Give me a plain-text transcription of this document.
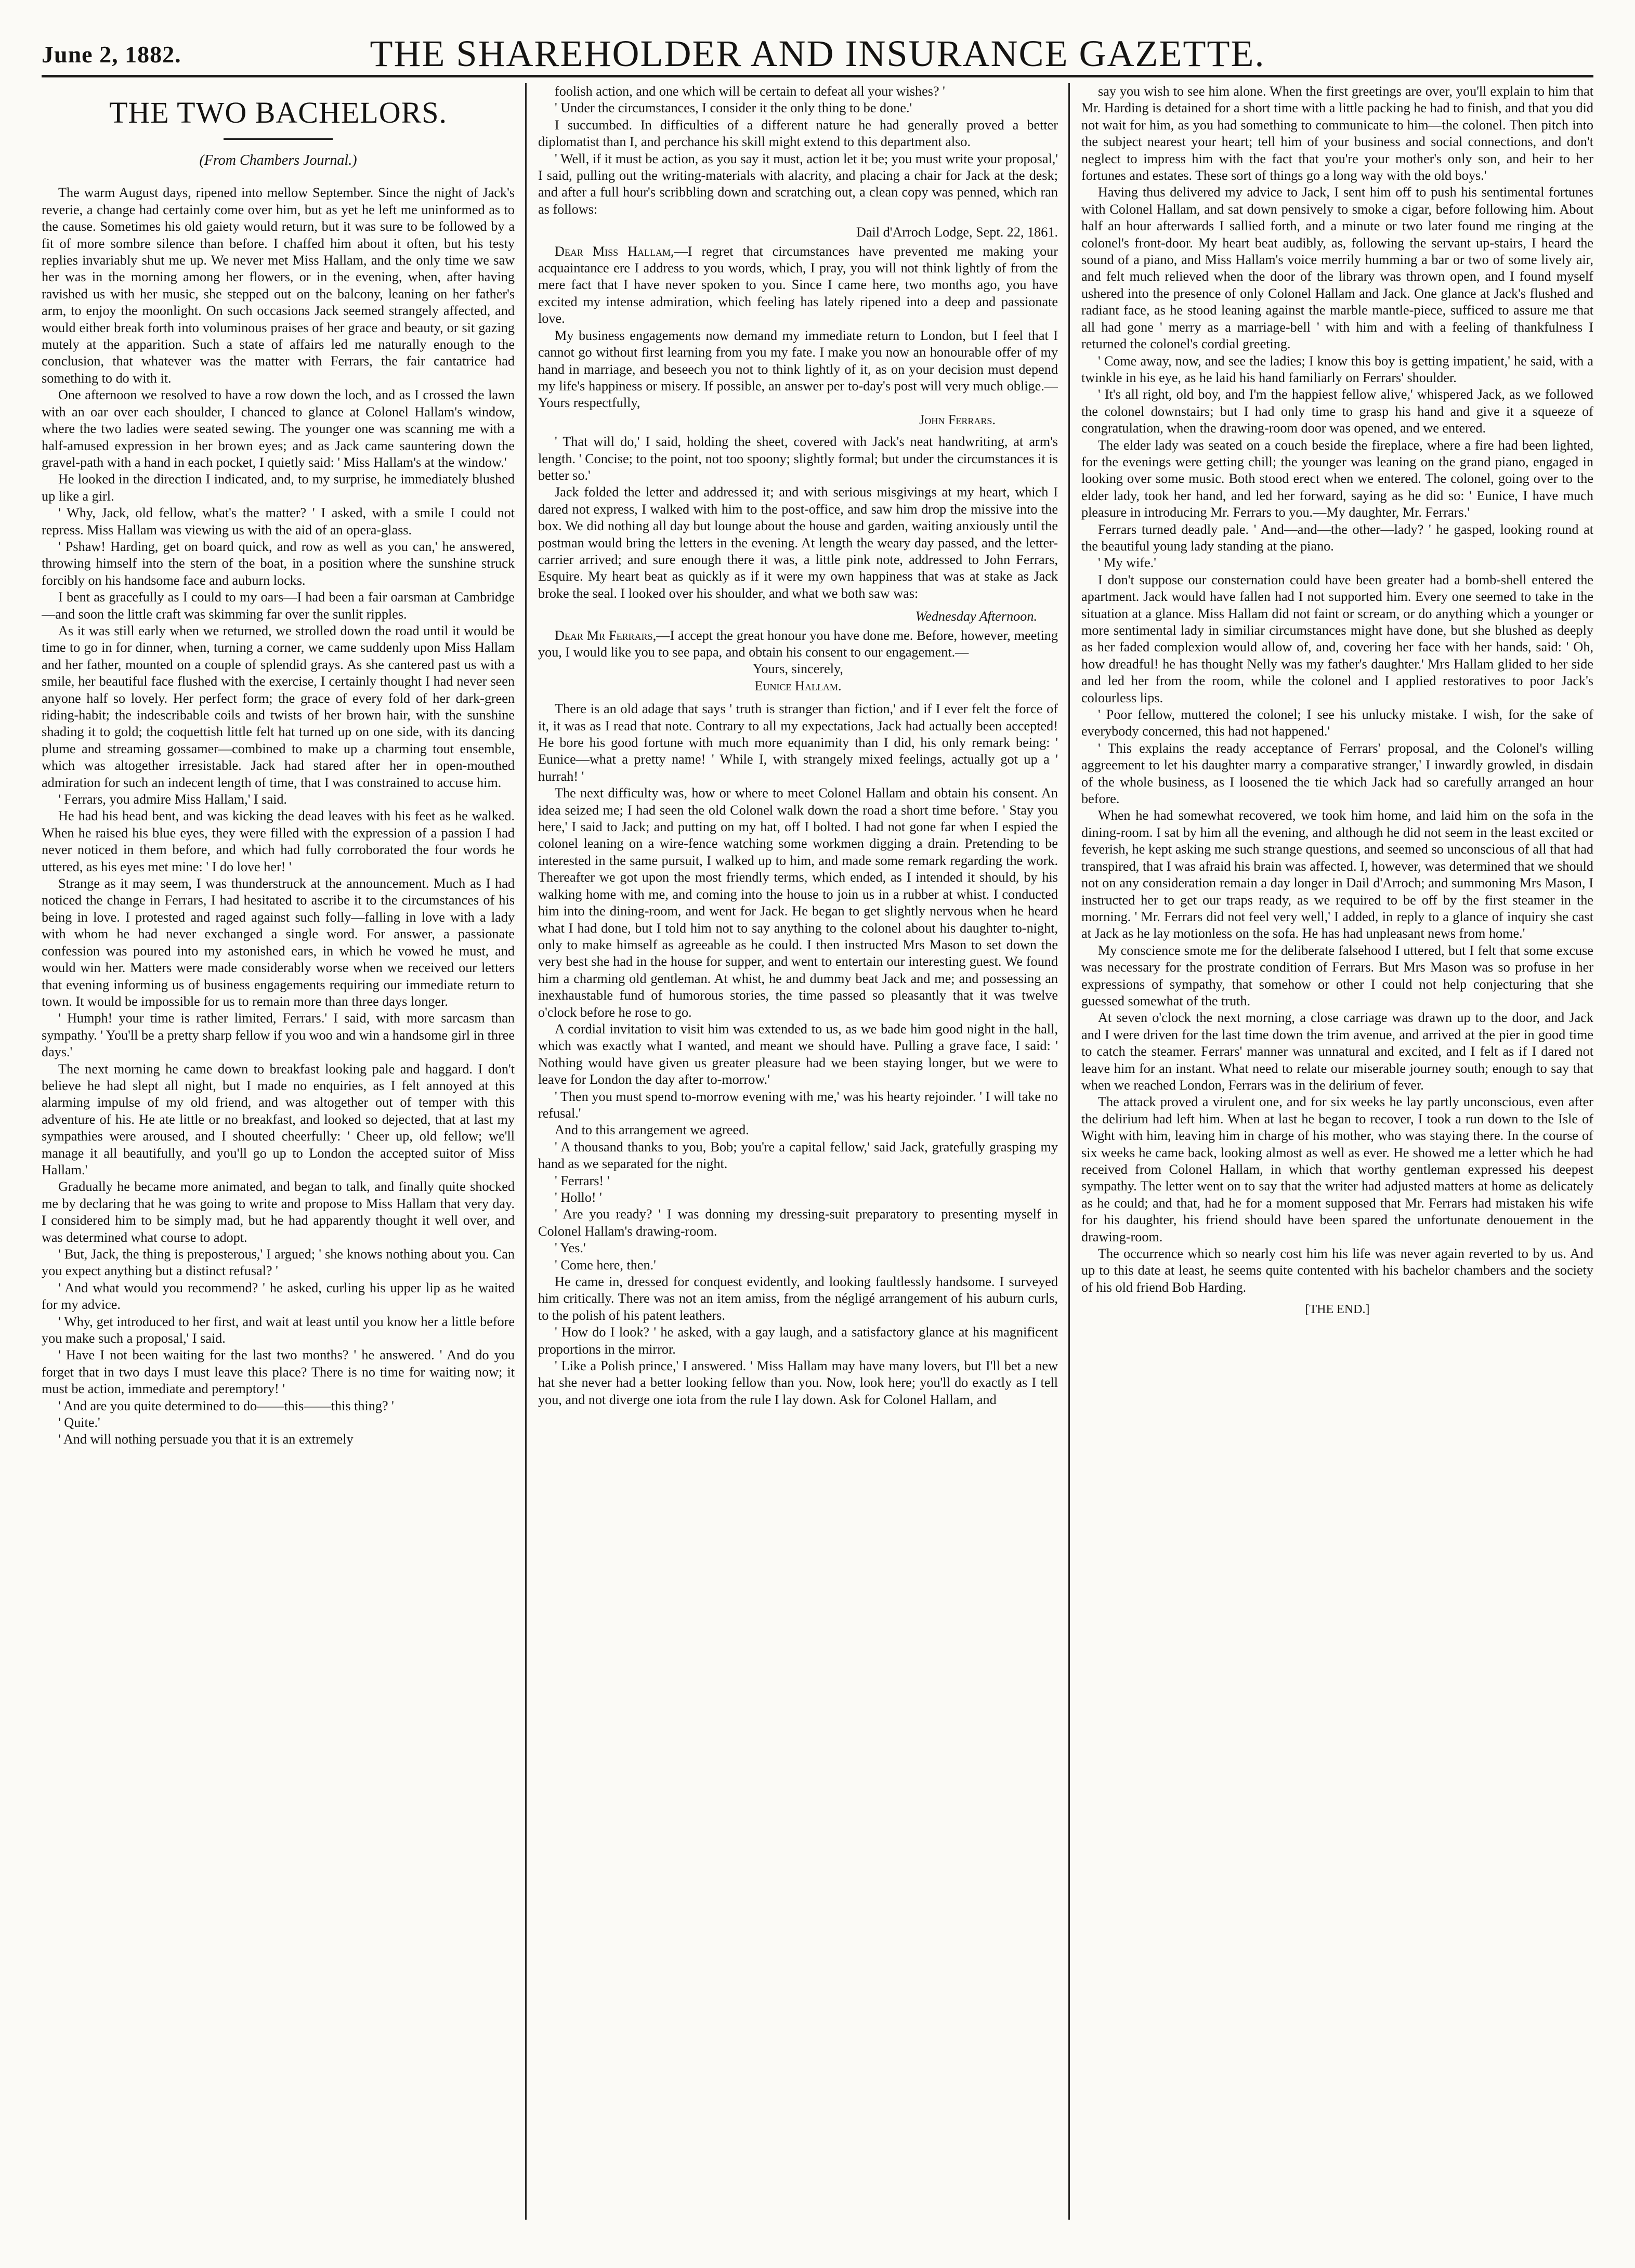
June 2, 1882.	THE SHAREHOLDER AND INSURANCE GAZETTE.
THE TWO BACHELORS.

(From Chambers Journal.)

The warm August days, ripened into mellow September. Since the night of Jack's reverie, a change had certainly come over him, but as yet he left me uninformed as to the cause. Sometimes his old gaiety would return, but it was sure to be followed by a fit of more sombre silence than before. I chaffed him about it often, but his testy replies invariably shut me up. We never met Miss Hallam, and the only time we saw her was in the morning among her flowers, or in the evening, when, after having ravished us with her music, she stepped out on the balcony, leaning on her father's arm, to enjoy the moonlight. On such occasions Jack seemed strangely affected, and would either break forth into voluminous praises of her grace and beauty, or sit gazing mutely at the apparition. Such a state of affairs led me naturally enough to the conclusion, that whatever was the matter with Ferrars, the fair cantatrice had something to do with it.

One afternoon we resolved to have a row down the loch, and as I crossed the lawn with an oar over each shoulder, I chanced to glance at Colonel Hallam's window, where the two ladies were seated sewing. The younger one was scanning me with a half-amused expression in her brown eyes; and as Jack came sauntering down the gravel-path with a hand in each pocket, I quietly said: ' Miss Hallam's at the window.'

He looked in the direction I indicated, and, to my surprise, he immediately blushed up like a girl.

' Why, Jack, old fellow, what's the matter? ' I asked, with a smile I could not repress. Miss Hallam was viewing us with the aid of an opera-glass.

' Pshaw! Harding, get on board quick, and row as well as you can,' he answered, throwing himself into the stern of the boat, in a position where the sunshine struck forcibly on his handsome face and auburn locks.

I bent as gracefully as I could to my oars—I had been a fair oarsman at Cambridge—and soon the little craft was skimming far over the sunlit ripples.

As it was still early when we returned, we strolled down the road until it would be time to go in for dinner, when, turning a corner, we came suddenly upon Miss Hallam and her father, mounted on a couple of splendid grays. As she cantered past us with a smile, her beautiful face flushed with the exercise, I certainly thought I had never seen anyone half so lovely. Her perfect form; the grace of every fold of her dark-green riding-habit; the indescribable coils and twists of her brown hair, with the sunshine shading it to gold; the coquettish little felt hat turned up on one side, with its dancing plume and streaming gossamer—combined to make up a charming tout ensemble, which was altogether irresistable. Jack had stared after her in open-mouthed admiration for such an indecent length of time, that I was constrained to accuse him.

' Ferrars, you admire Miss Hallam,' I said.

He had his head bent, and was kicking the dead leaves with his feet as he walked. When he raised his blue eyes, they were filled with the expression of a passion I had never noticed in them before, and which had fully corroborated the four words he uttered, as his eyes met mine: ' I do love her! '

Strange as it may seem, I was thunderstruck at the announcement. Much as I had noticed the change in Ferrars, I had hesitated to ascribe it to the circumstances of his being in love. I protested and raged against such folly—falling in love with a lady with whom he had never exchanged a single word. For answer, a passionate confession was poured into my astonished ears, in which he vowed he must, and would win her. Matters were made considerably worse when we received our letters that evening informing us of business engagements requiring our immediate return to town. It would be impossible for us to remain more than three days longer.

' Humph! your time is rather limited, Ferrars.' I said, with more sarcasm than sympathy. ' You'll be a pretty sharp fellow if you woo and win a handsome girl in three days.'

The next morning he came down to breakfast looking pale and haggard. I don't believe he had slept all night, but I made no enquiries, as I felt annoyed at this alarming impulse of my old friend, and was altogether out of temper with this adventure of his. He ate little or no breakfast, and looked so dejected, that at last my sympathies were aroused, and I shouted cheerfully: ' Cheer up, old fellow; we'll manage it all beautifully, and you'll go up to London the accepted suitor of Miss Hallam.'

Gradually he became more animated, and began to talk, and finally quite shocked me by declaring that he was going to write and propose to Miss Hallam that very day. I considered him to be simply mad, but he had apparently thought it well over, and was determined what course to adopt.

' But, Jack, the thing is preposterous,' I argued; ' she knows nothing about you. Can you expect anything but a distinct refusal? '

' And what would you recommend? ' he asked, curling his upper lip as he waited for my advice.

' Why, get introduced to her first, and wait at least until you know her a little before you make such a proposal,' I said.

' Have I not been waiting for the last two months? ' he answered. ' And do you forget that in two days I must leave this place? There is no time for waiting now; it must be action, immediate and peremptory! '

' And are you quite determined to do——this——this thing? '

' Quite.'

' And will nothing persuade you that it is an extremely

foolish action, and one which will be certain to defeat all your wishes? '

' Under the circumstances, I consider it the only thing to be done.'

I succumbed. In difficulties of a different nature he had generally proved a better diplomatist than I, and perchance his skill might extend to this department also.

' Well, if it must be action, as you say it must, action let it be; you must write your proposal,' I said, pulling out the writing-materials with alacrity, and placing a chair for Jack at the desk; and after a full hour's scribbling down and scratching out, a clean copy was penned, which ran as follows:

Dail d'Arroch Lodge, Sept. 22, 1861.

Dear Miss Hallam,—I regret that circumstances have prevented me making your acquaintance ere I address to you words, which, I pray, you will not think lightly of from the mere fact that I have never spoken to you. Since I came here, two months ago, you have excited my intense admiration, which feeling has lately ripened into a deep and passionate love.

My business engagements now demand my immediate return to London, but I feel that I cannot go without first learning from you my fate. I make you now an honourable offer of my hand in marriage, and beseech you not to think lightly of it, as on your decision must depend my life's happiness or misery. If possible, an answer per to-day's post will very much oblige.—Yours respectfully,

John Ferrars.

' That will do,' I said, holding the sheet, covered with Jack's neat handwriting, at arm's length. ' Concise; to the point, not too spoony; slightly formal; but under the circumstances it is better so.'

Jack folded the letter and addressed it; and with serious misgivings at my heart, which I dared not express, I walked with him to the post-office, and saw him drop the missive into the box. We did nothing all day but lounge about the house and garden, waiting anxiously until the postman would bring the letters in the evening. At length the weary day passed, and the letter-carrier arrived; and sure enough there it was, a little pink note, addressed to John Ferrars, Esquire. My heart beat as quickly as if it were my own happiness that was at stake as Jack broke the seal. I looked over his shoulder, and what we both saw was:

Wednesday Afternoon.

Dear Mr Ferrars,—I accept the great honour you have done me. Before, however, meeting you, I would like you to see papa, and obtain his consent to our engagement.—

Yours, sincerely,

Eunice Hallam.

There is an old adage that says ' truth is stranger than fiction,' and if I ever felt the force of it, it was as I read that note. Contrary to all my expectations, Jack had actually been accepted! He bore his good fortune with much more equanimity than I did, his only remark being: ' Eunice—what a pretty name! ' While I, with strangely mixed feelings, actually got up a ' hurrah! '

The next difficulty was, how or where to meet Colonel Hallam and obtain his consent. An idea seized me; I had seen the old Colonel walk down the road a short time before. ' Stay you here,' I said to Jack; and putting on my hat, off I bolted. I had not gone far when I espied the colonel leaning on a wire-fence watching some workmen digging a drain. Pretending to be interested in the same pursuit, I walked up to him, and made some remark regarding the work. Thereafter we got upon the most friendly terms, which ended, as I intended it should, by his walking home with me, and coming into the house to join us in a rubber at whist. I conducted him into the dining-room, and went for Jack. He began to get slightly nervous when he heard what I had done, but I told him not to say anything to the colonel about his daughter to-night, only to make himself as agreeable as he could. I then instructed Mrs Mason to set down the very best she had in the house for supper, and went to entertain our interesting guest. We found him a charming old gentleman. At whist, he and dummy beat Jack and me; and possessing an inexhaustable fund of humorous stories, the time passed so pleasantly that it was twelve o'clock before he rose to go.

A cordial invitation to visit him was extended to us, as we bade him good night in the hall, which was exactly what I wanted, and meant we should have. Pulling a grave face, I said: ' Nothing would have given us greater pleasure had we been staying longer, but we were to leave for London the day after to-morrow.'

' Then you must spend to-morrow evening with me,' was his hearty rejoinder. ' I will take no refusal.'

And to this arrangement we agreed.

' A thousand thanks to you, Bob; you're a capital fellow,' said Jack, gratefully grasping my hand as we separated for the night.

' Ferrars! '

' Hollo! '

' Are you ready? ' I was donning my dressing-suit preparatory to presenting myself in Colonel Hallam's drawing-room.

' Yes.'

' Come here, then.'

He came in, dressed for conquest evidently, and looking faultlessly handsome. I surveyed him critically. There was not an item amiss, from the négligé arrangement of his auburn curls, to the polish of his patent leathers.

' How do I look? ' he asked, with a gay laugh, and a satisfactory glance at his magnificent proportions in the mirror.

' Like a Polish prince,' I answered. ' Miss Hallam may have many lovers, but I'll bet a new hat she never had a better looking fellow than you. Now, look here; you'll do exactly as I tell you, and not diverge one iota from the rule I lay down. Ask for Colonel Hallam, and

say you wish to see him alone. When the first greetings are over, you'll explain to him that Mr. Harding is detained for a short time with a little packing he had to finish, and that you did not wait for him, as you had something to communicate to him—the colonel. Then pitch into the subject nearest your heart; tell him of your business and social connections, and don't neglect to impress him with the fact that you're your mother's only son, and heir to her fortunes and estates. These sort of things go a long way with the old boys.'

Having thus delivered my advice to Jack, I sent him off to push his sentimental fortunes with Colonel Hallam, and sat down pensively to smoke a cigar, before following him. About half an hour afterwards I sallied forth, and a minute or two later found me ringing at the colonel's front-door. My heart beat audibly, as, following the servant up-stairs, I heard the sound of a piano, and Miss Hallam's voice merrily humming a bar or two of some lively air, and felt much relieved when the door of the library was thrown open, and I found myself ushered into the presence of only Colonel Hallam and Jack. One glance at Jack's flushed and radiant face, as he stood leaning against the marble mantle-piece, sufficed to assure me that all had gone ' merry as a marriage-bell ' with him and with a feeling of thankfulness I returned the colonel's cordial greeting.

' Come away, now, and see the ladies; I know this boy is getting impatient,' he said, with a twinkle in his eye, as he laid his hand familiarly on Ferrars' shoulder.

' It's all right, old boy, and I'm the happiest fellow alive,' whispered Jack, as we followed the colonel downstairs; but I had only time to grasp his hand and give it a squeeze of congratulation, when the drawing-room door was opened, and we entered.

The elder lady was seated on a couch beside the fireplace, where a fire had been lighted, for the evenings were getting chill; the younger was leaning on the grand piano, engaged in looking over some music. Both stood erect when we entered. The colonel, going over to the elder lady, took her hand, and led her forward, saying as he did so: ' Eunice, I have much pleasure in introducing Mr. Ferrars to you.—My daughter, Mr. Ferrars.'

Ferrars turned deadly pale. ' And—and—the other—lady? ' he gasped, looking round at the beautiful young lady standing at the piano.

' My wife.'

I don't suppose our consternation could have been greater had a bomb-shell entered the apartment. Jack would have fallen had I not supported him. Every one seemed to take in the situation at a glance. Miss Hallam did not faint or scream, or do anything which a younger or more sentimental lady in similiar circumstances might have done, but she blushed as deeply as her faded complexion would allow of, and, covering her face with her hands, said: ' Oh, how dreadful! he has thought Nelly was my father's daughter.' Mrs Hallam glided to her side and led her from the room, while the colonel and I applied restoratives to poor Jack's colourless lips.

' Poor fellow, muttered the colonel; I see his unlucky mistake. I wish, for the sake of everybody concerned, this had not happened.'

' This explains the ready acceptance of Ferrars' proposal, and the Colonel's willing aggreement to let his daughter marry a comparative stranger,' I inwardly growled, in disdain of the whole business, as I loosened the tie which Jack had so carefully arranged an hour before.

When he had somewhat recovered, we took him home, and laid him on the sofa in the dining-room. I sat by him all the evening, and although he did not seem in the least excited or feverish, he kept asking me such strange questions, and seemed so unconscious of all that had transpired, that I was afraid his brain was affected. I, however, was determined that we should not on any consideration remain a day longer in Dail d'Arroch; and summoning Mrs Mason, I instructed her to get our traps ready, as we required to be off by the first steamer in the morning. ' Mr. Ferrars did not feel very well,' I added, in reply to a glance of inquiry she cast at Jack as he lay motionless on the sofa. He has had unpleasant news from home.'

My conscience smote me for the deliberate falsehood I uttered, but I felt that some excuse was necessary for the prostrate condition of Ferrars. But Mrs Mason was so profuse in her expressions of sympathy, that somehow or other I could not help conjecturing that she guessed somewhat of the truth.

At seven o'clock the next morning, a close carriage was drawn up to the door, and Jack and I were driven for the last time down the trim avenue, and arrived at the pier in good time to catch the steamer. Ferrars' manner was unnatural and excited, and I felt as if I dared not leave him for an instant. What need to relate our miserable journey south; enough to say that when we reached London, Ferrars was in the delirium of fever.

The attack proved a virulent one, and for six weeks he lay partly unconscious, even after the delirium had left him. When at last he began to recover, I took a run down to the Isle of Wight with him, leaving him in charge of his mother, who was staying there. In the course of six weeks he came back, looking almost as well as ever. He showed me a letter which he had received from Colonel Hallam, in which that worthy gentleman expressed his deepest sympathy. The letter went on to say that the writer had adjusted matters at home as delicately as he could; and that, had he for a moment supposed that Mr. Ferrars had mistaken his wife for his daughter, his friend should have been spared the unfortunate denouement in the drawing-room.

The occurrence which so nearly cost him his life was never again reverted to by us. And up to this date at least, he seems quite contented with his bachelor chambers and the society of his old friend Bob Harding.

[THE END.]
